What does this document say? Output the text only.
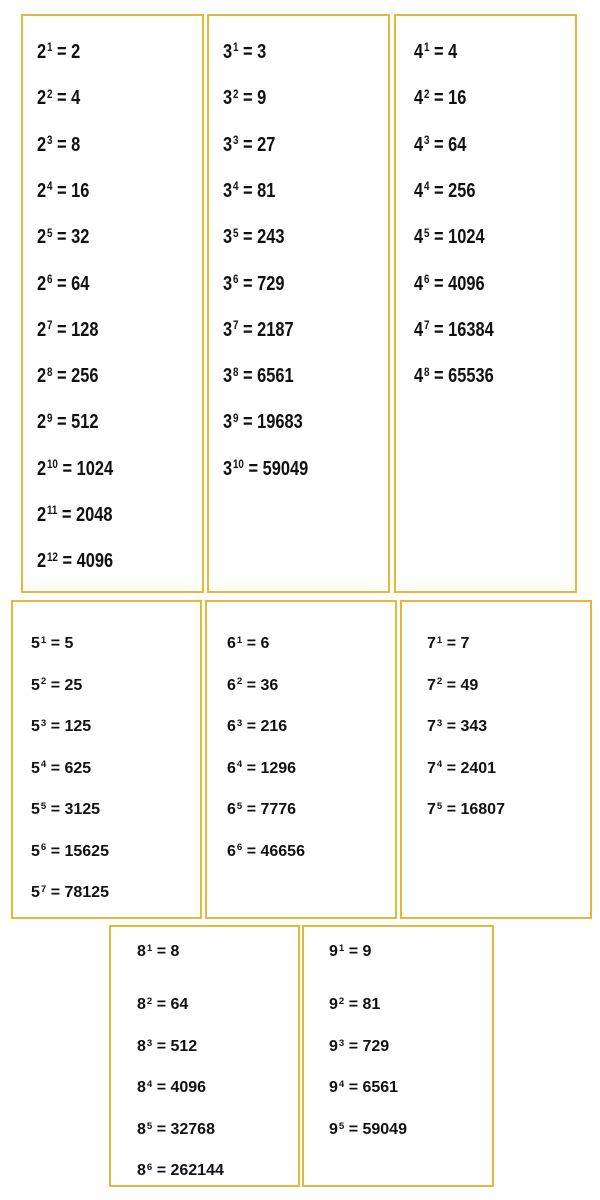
$2^1 = 2$
$2^2 = 4$
$2^3 = 8$
$2^4 = 16$
$2^5 = 32$
$2^6 = 64$
$2^7 = 128$
$2^8 = 256$
$2^9 = 512$
$2^{10} = 1024$
$2^{11} = 2048$
$2^{12} = 4096$
$3^1 = 3$
$3^2 = 9$
$3^3 = 27$
$3^4 = 81$
$3^5 = 243$
$3^6 = 729$
$3^7 = 2187$
$3^8 = 6561$
$3^9 = 19683$
$3^{10} = 59049$
$4^1 = 4$
$4^2 = 16$
$4^3 = 64$
$4^4 = 256$
$4^5 = 1024$
$4^6 = 4096$
$4^7 = 16384$
$4^8 = 65536$
$5^1 = 5$
$5^2 = 25$
$5^3 = 125$
$5^4 = 625$
$5^5 = 3125$
$5^6 = 15625$
$5^7 = 78125$
$6^1 = 6$
$6^2 = 36$
$6^3 = 216$
$6^4 = 1296$
$6^5 = 7776$
$6^6 = 46656$
$7^1 = 7$
$7^2 = 49$
$7^3 = 343$
$7^4 = 2401$
$7^5 = 16807$
$8^1 = 8$
$8^2 = 64$
$8^3 = 512$
$8^4 = 4096$
$8^5 = 32768$
$8^6 = 262144$
$9^1 = 9$
$9^2 = 81$
$9^3 = 729$
$9^4 = 6561$
$9^5 = 59049$
